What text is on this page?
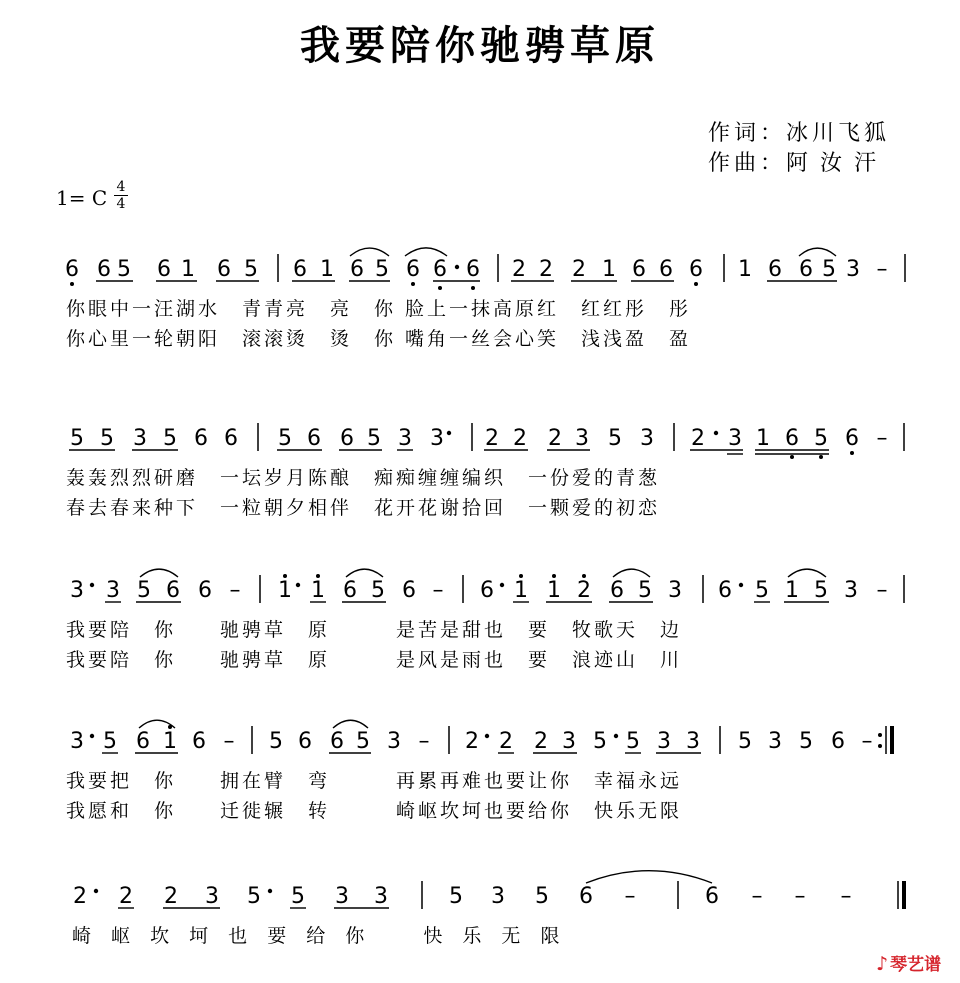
我要陪你驰骋草原
作词：冰川飞狐
作曲：阿汝汗
1= C 4
4
6 6 5 6 1 6 5 6 1 6 5 6 6 6 2 2 2 1 6 6 6 1 6 6 5 3 –
5 5 3 5 6 6 5 6 6 5 3 3 2 2 2 3 5 3 2 3 1 6 5 6 –
3 3 5 6 6 – 1 1 6 5 6 – 6 1 1 2 6 5 3 6 5 1 5 3 –
3 5 6 1 6 – 5 6 6 5 3 – 2 2 2 3 5 5 3 3 5 3 5 6 –
2 2 2 3 5 5 3 3	5 3 5 6 –	6 – – –
你眼中一汪湖水　青青亮　亮　你 脸上一抹高原红　红红彤　彤
你心里一轮朝阳　滚滚烫　烫　你 嘴角一丝会心笑　浅浅盈　盈
轰轰烈烈研磨　一坛岁月陈酿　痴痴缠缠编织　一份爱的青葱
春去春来种下　一粒朝夕相伴　花开花谢拾回　一颗爱的初恋
我要陪　你　　驰骋草　原　　　是苦是甜也　要　牧歌天　边
我要陪　你　　驰骋草　原　　　是风是雨也　要　浪迹山　川
我要把　你　　拥在臂　弯　　　再累再难也要让你　幸福永远
我愿和　你　　迁徙辗　转　　　崎岖坎坷也要给你　快乐无限
崎 岖 坎 坷 也 要 给 你 　 快 乐 无 限
♪ 琴艺谱
